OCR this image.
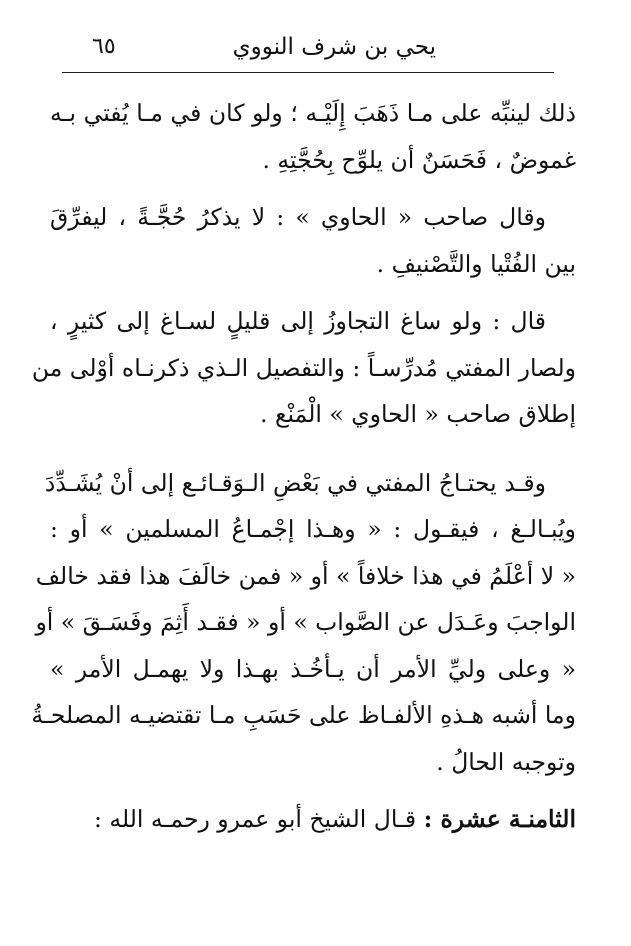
يحي بن شرف النووي
٦٥
ذلك لينبِّه على مـا ذَهَبَ إِلَيْـه ؛ ولو كان في مـا يُفتي بـه
غموضٌ ، فَحَسَنٌ أن يلوِّح بِحُجَّتِهِ .
وقال صاحب « الحاوي » : لا يذكرُ حُجَّـةً ، ليفرِّقَ
بين الفُتْيا والتَّصْنيفِ .
قال : ولو ساغ التجاوزُ إلى قليلٍ لسـاغ إلى كثيرٍ ،
ولصار المفتي مُدرِّسـاً : والتفصيل الـذي ذكرنـاه أوْلى من
إطلاق صاحب « الحاوي » الْمَنْع .
وقـد يحتـاجُ المفتي في بَعْضِ الـوَقـائـع إلى أنْ يُشَـدِّدَ
ويُبـالـغ ، فيقـول : « وهـذا إجْمـاعُ المسلمين » أو :
« لا أعْلَمُ في هذا خلافاً » أو « فمن خالَفَ هذا فقد خالف
الواجبَ وعَـدَل عن الصَّواب » أو « فقـد أَثِمَ وفَسَـقَ » أو
« وعلى وليِّ الأمر أن يـأخُـذ بهـذا ولا يهمـل الأمر »
وما أشبه هـذهِ الألفـاظ على حَسَبِ مـا تقتضيـه المصلحـةُ
وتوجبه الحالُ .
الثامنـة عشرة : قـال الشيخ أبو عمرو رحمـه الله :
